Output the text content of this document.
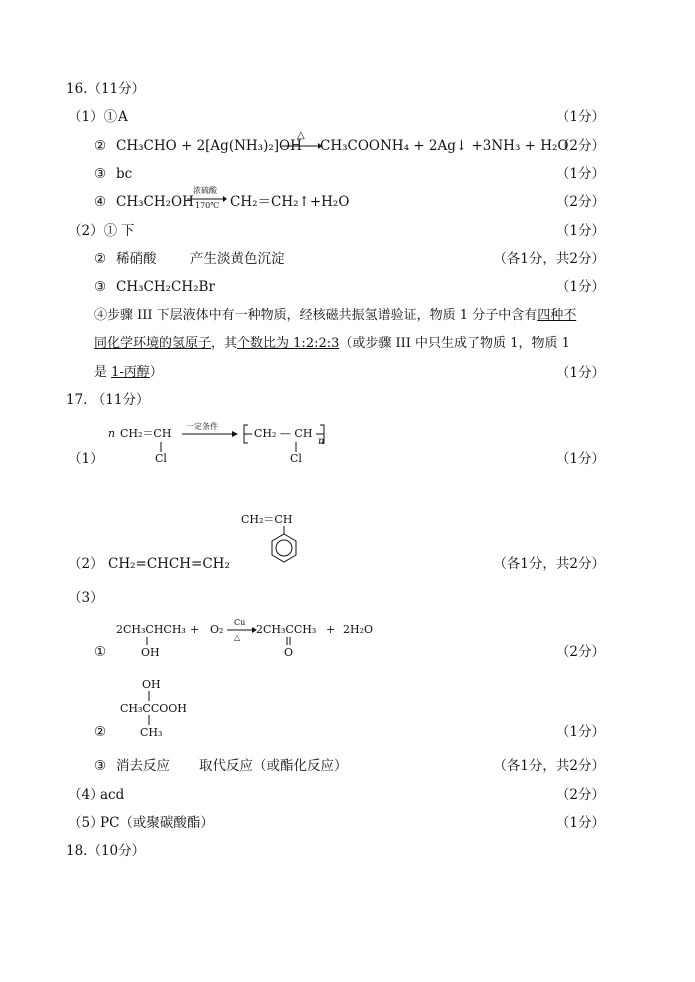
16.（11分）
（1）① A	（1分）
② CH₃CHO + 2[Ag(NH₃)₂]OH
△
CH₃COONH₄ + 2Ag↓ +3NH₃ + H₂O
（2分）
③ bc	（1分）
④ CH₃CH₂OH
浓硫酸
170℃ CH₂＝CH₂↑+H₂O	（2分）
（2）① 下	（1分）
② 稀硝酸 产生淡黄色沉淀	（各1分，共2分）
③ CH₃CH₂CH₂Br	（1分）
④步骤 III 下层液体中有一种物质，经核磁共振氢谱验证，物质 1 分子中含有四种不
同化学环境的氢原子，其个数比为 1:2:2:3（或步骤 III 中只生成了物质 1，物质 1
是 1-丙醇）	（1分）
17. （11分）
（1）
n CH₂＝CH
Cl
一定条件
CH₂ — CH
n
Cl	（1分）
（2） CH₂=CHCH=CH₂
CH₂＝CH
（各1分，共2分）
（3）
①
2CH₃CHCH₃
OH
+ O₂
Cu
△
2CH₃CCH₃
O
+ 2H₂O
（2分）
②
OH
CH₃CCOOH
CH₃	（1分）
③ 消去反应 取代反应（或酯化反应）	（各1分，共2分）
（4）
acd	（2分）
（5）
PC（或聚碳酸酯）	（1分）
18.（10分）
